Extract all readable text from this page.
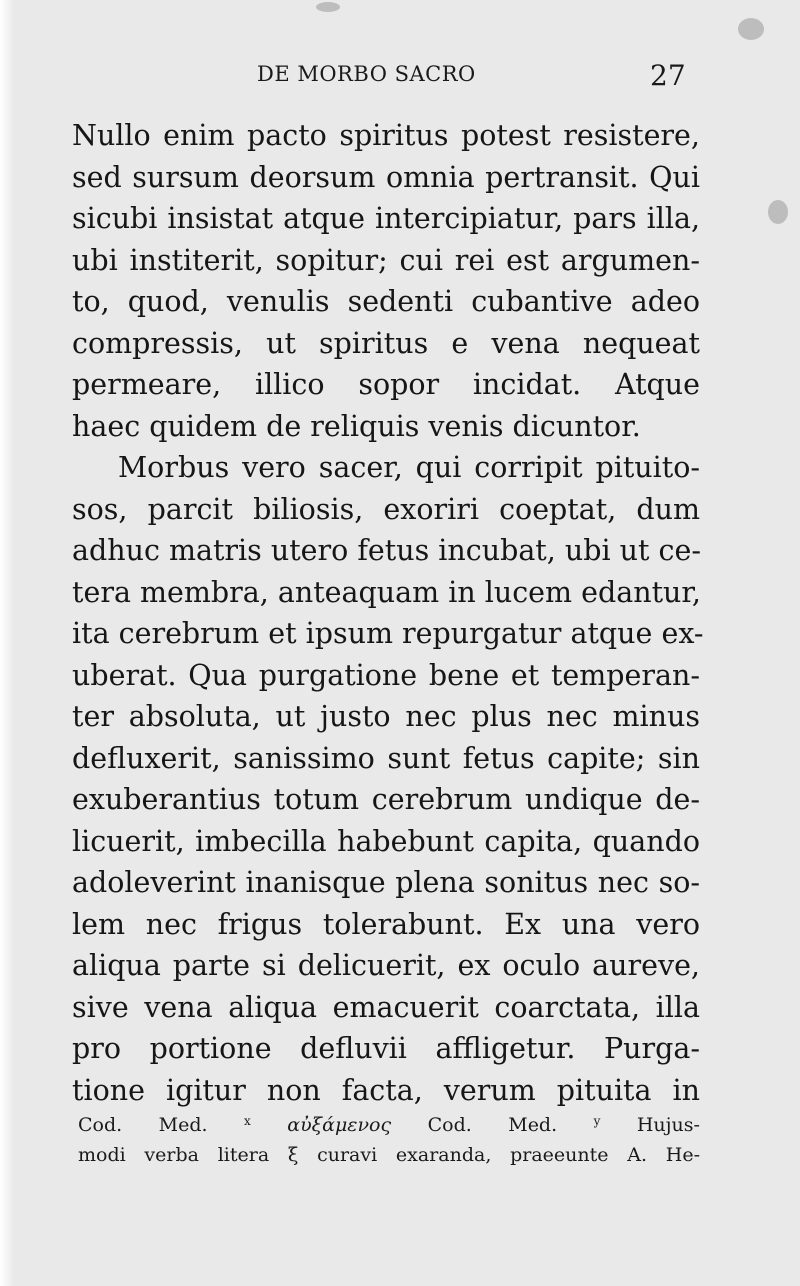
DE MORBO SACRO	27
Nullo enim pacto spiritus potest resistere,
sed sursum deorsum omnia pertransit. Qui
sicubi insistat atque intercipiatur, pars illa,
ubi institerit, sopitur; cui rei est argumen-
to, quod, venulis sedenti cubantive adeo
compressis, ut spiritus e vena nequeat
permeare, illico sopor incidat. Atque
haec quidem de reliquis venis dicuntor.
Morbus vero sacer, qui corripit pituito-
sos, parcit biliosis, exoriri coeptat, dum
adhuc matris utero fetus incubat, ubi ut ce-
tera membra, anteaquam in lucem edantur,
ita cerebrum et ipsum repurgatur atque ex-
uberat. Qua purgatione bene et temperan-
ter absoluta, ut justo nec plus nec minus
defluxerit, sanissimo sunt fetus capite; sin
exuberantius totum cerebrum undique de-
licuerit, imbecilla habebunt capita, quando
adoleverint inanisque plena sonitus nec so-
lem nec frigus tolerabunt. Ex una vero
aliqua parte si delicuerit, ex oculo aureve,
sive vena aliqua emacuerit coarctata, illa
pro portione defluvii affligetur. Purga-
tione igitur non facta, verum pituita in
Cod. Med.	$^x$ αὐξάμενος Cod. Med.	$^y$ Hujus-
modi verba litera ξ curavi exaranda, praeeunte A. He-
